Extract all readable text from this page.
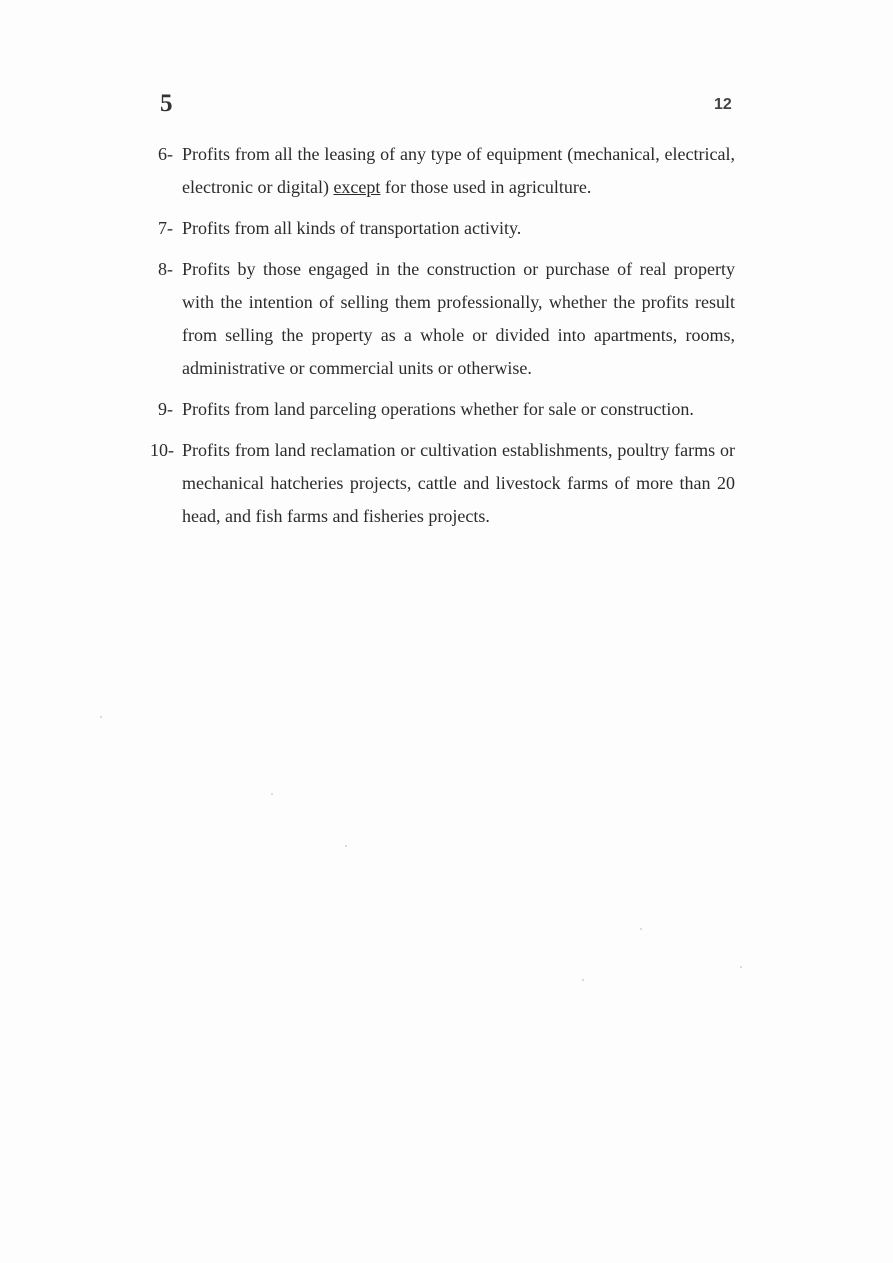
5	12
6- Profits from all the leasing of any type of equipment (mechanical, electrical, electronic or digital) except for those used in agriculture.
7- Profits from all kinds of transportation activity.
8- Profits by those engaged in the construction or purchase of real property with the intention of selling them professionally, whether the profits result from selling the property as a whole or divided into apartments, rooms, administrative or commercial units or otherwise.
9- Profits from land parceling operations whether for sale or construction.
10- Profits from land reclamation or cultivation establishments, poultry farms or mechanical hatcheries projects, cattle and livestock farms of more than 20 head, and fish farms and fisheries projects.
